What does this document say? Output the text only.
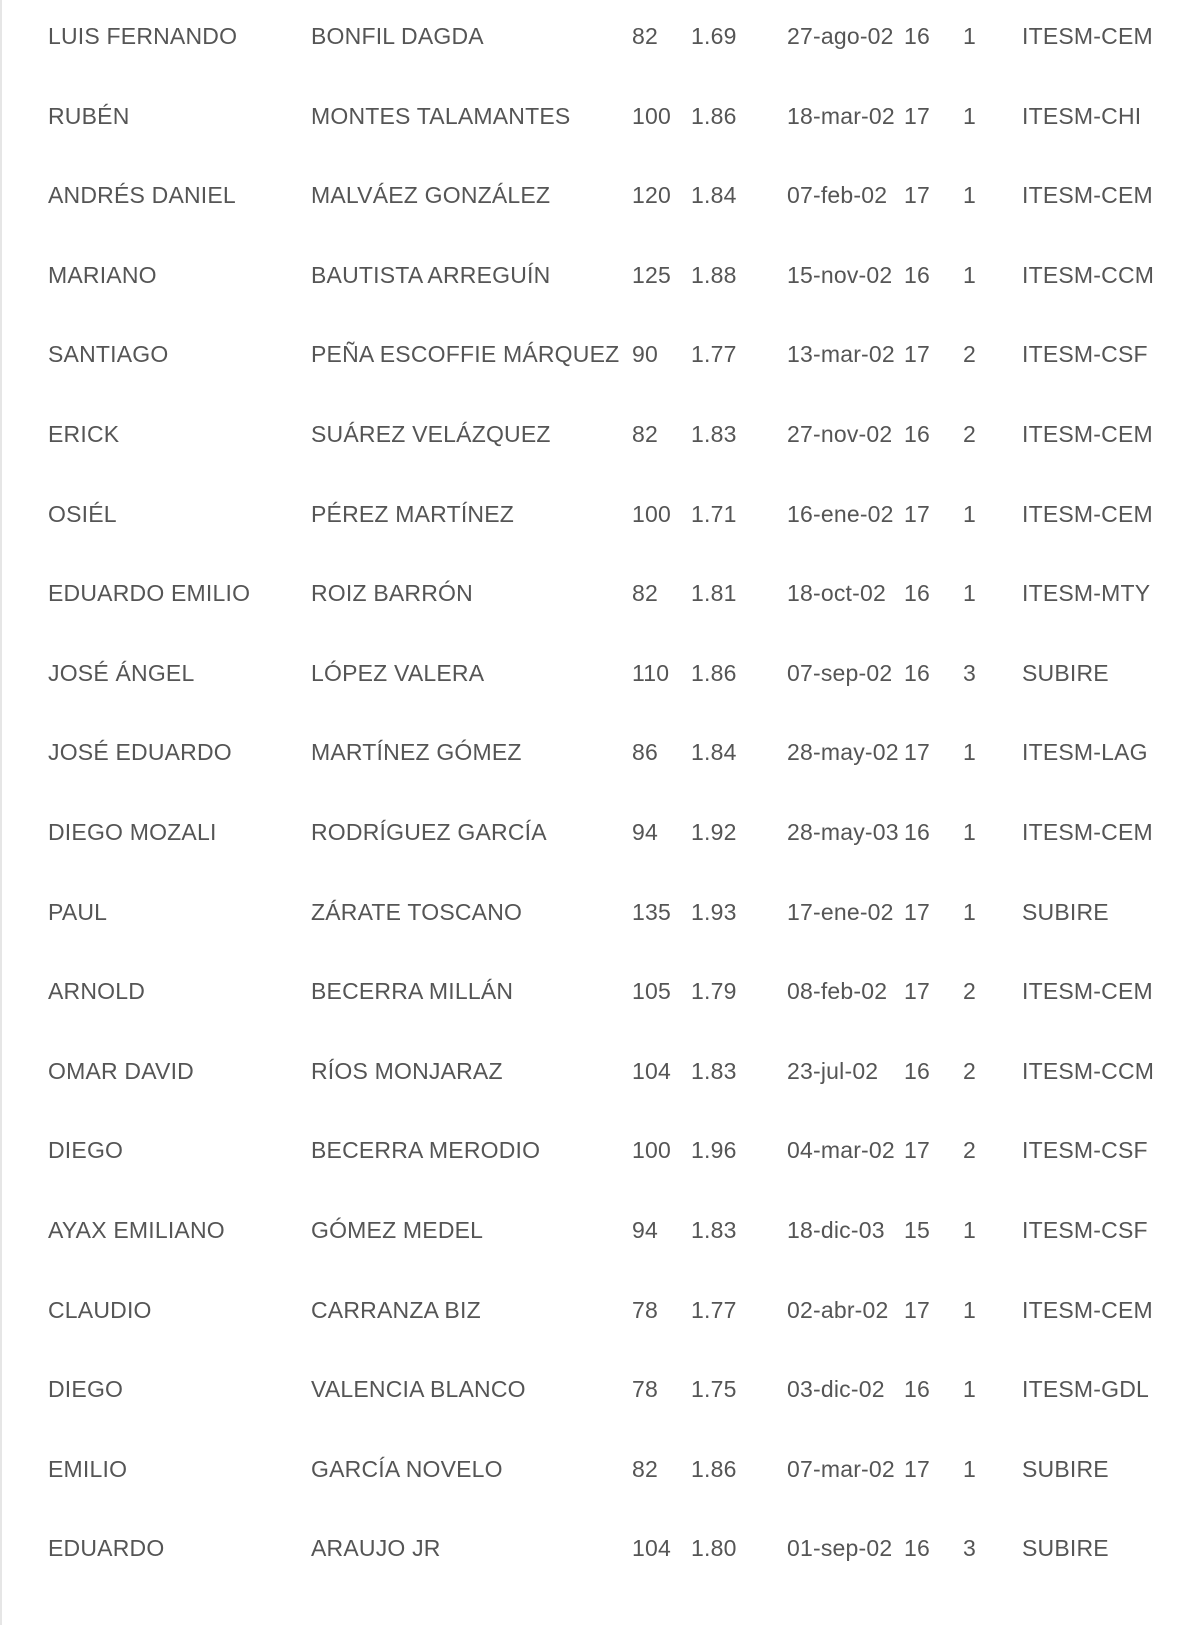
LUIS FERNANDO	BONFIL DAGDA	82 1.69 27-ago-02 16 1 ITESM-CEM
RUBÉN	MONTES TALAMANTES	100 1.86 18-mar-02 17 1 ITESM-CHI
ANDRÉS DANIEL	MALVÁEZ GONZÁLEZ	120 1.84 07-feb-02 17 1 ITESM-CEM
MARIANO	BAUTISTA ARREGUÍN	125 1.88 15-nov-02 16 1 ITESM-CCM
SANTIAGO	PEÑA ESCOFFIE MÁRQUEZ 90 1.77 13-mar-02 17 2 ITESM-CSF
ERICK	SUÁREZ VELÁZQUEZ	82 1.83 27-nov-02 16 2 ITESM-CEM
OSIÉL	PÉREZ MARTÍNEZ	100 1.71 16-ene-02 17 1 ITESM-CEM
EDUARDO EMILIO	ROIZ BARRÓN	82 1.81 18-oct-02 16 1 ITESM-MTY
JOSÉ ÁNGEL	LÓPEZ VALERA	110 1.86 07-sep-02 16 3 SUBIRE
JOSÉ EDUARDO	MARTÍNEZ GÓMEZ	86 1.84 28-may-02 17 1 ITESM-LAG
DIEGO MOZALI	RODRÍGUEZ GARCÍA	94 1.92 28-may-03 16 1 ITESM-CEM
PAUL	ZÁRATE TOSCANO	135 1.93 17-ene-02 17 1 SUBIRE
ARNOLD	BECERRA MILLÁN	105 1.79 08-feb-02 17 2 ITESM-CEM
OMAR DAVID	RÍOS MONJARAZ	104 1.83 23-jul-02 16 2 ITESM-CCM
DIEGO	BECERRA MERODIO	100 1.96 04-mar-02 17 2 ITESM-CSF
AYAX EMILIANO	GÓMEZ MEDEL	94 1.83 18-dic-03 15 1 ITESM-CSF
CLAUDIO	CARRANZA BIZ	78 1.77 02-abr-02 17 1 ITESM-CEM
DIEGO	VALENCIA BLANCO	78 1.75 03-dic-02 16 1 ITESM-GDL
EMILIO	GARCÍA NOVELO	82 1.86 07-mar-02 17 1 SUBIRE
EDUARDO	ARAUJO JR	104 1.80 01-sep-02 16 3 SUBIRE
